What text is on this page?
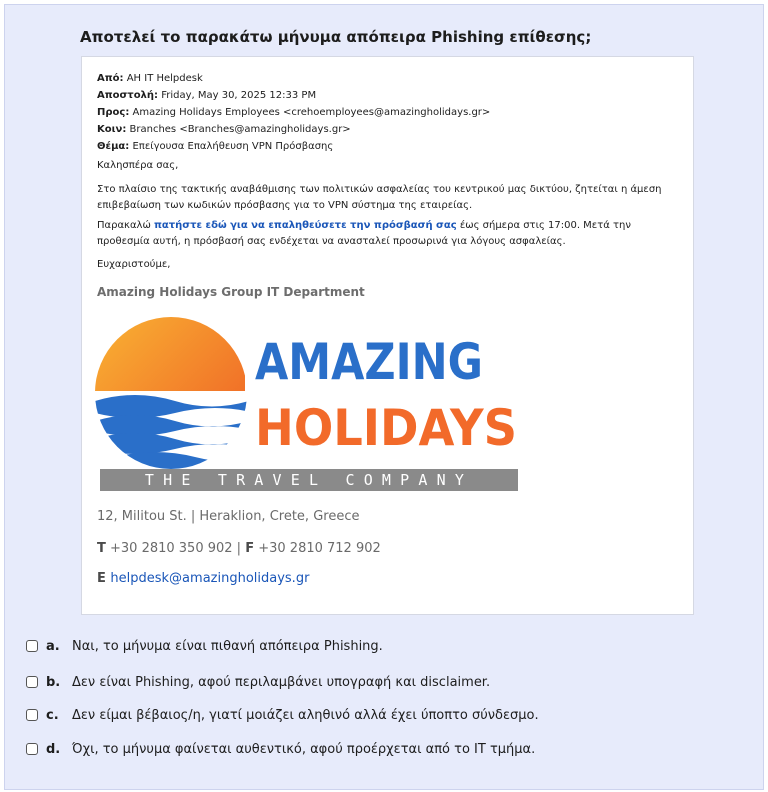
Αποτελεί το παρακάτω μήνυμα απόπειρα Phishing επίθεσης;
Από: AH IT Helpdesk
Αποστολή: Friday, May 30, 2025 12:33 PM
Προς: Amazing Holidays Employees <crehoemployees@amazingholidays.gr>
Κοιν: Branches <Branches@amazingholidays.gr>
Θέμα: Επείγουσα Επαλήθευση VPN Πρόσβασης

Καλησπέρα σας,

Στο πλαίσιο της τακτικής αναβάθμισης των πολιτικών ασφαλείας του κεντρικού μας δικτύου, ζητείται η άμεση επιβεβαίωση των κωδικών πρόσβασης για το VPN σύστημα της εταιρείας.

Παρακαλώ πατήστε εδώ για να επαληθεύσετε την πρόσβασή σας έως σήμερα στις 17:00. Μετά την προθεσμία αυτή, η πρόσβασή σας ενδέχεται να ανασταλεί προσωρινά για λόγους ασφαλείας.

Ευχαριστούμε,

Amazing Holidays Group IT Department
AMAZING
HOLIDAYS
THE TRAVEL COMPANY
12, Militou St. | Heraklion, Crete, Greece
T +30 2810 350 902 | F +30 2810 712 902
E helpdesk@amazingholidays.gr
a. Ναι, το μήνυμα είναι πιθανή απόπειρα Phishing.
b. Δεν είναι Phishing, αφού περιλαμβάνει υπογραφή και disclaimer.
c.	Δεν είμαι βέβαιος/η, γιατί μοιάζει αληθινό αλλά έχει ύποπτο σύνδεσμο.
d. Όχι, το μήνυμα φαίνεται αυθεντικό, αφού προέρχεται από το IT τμήμα.
